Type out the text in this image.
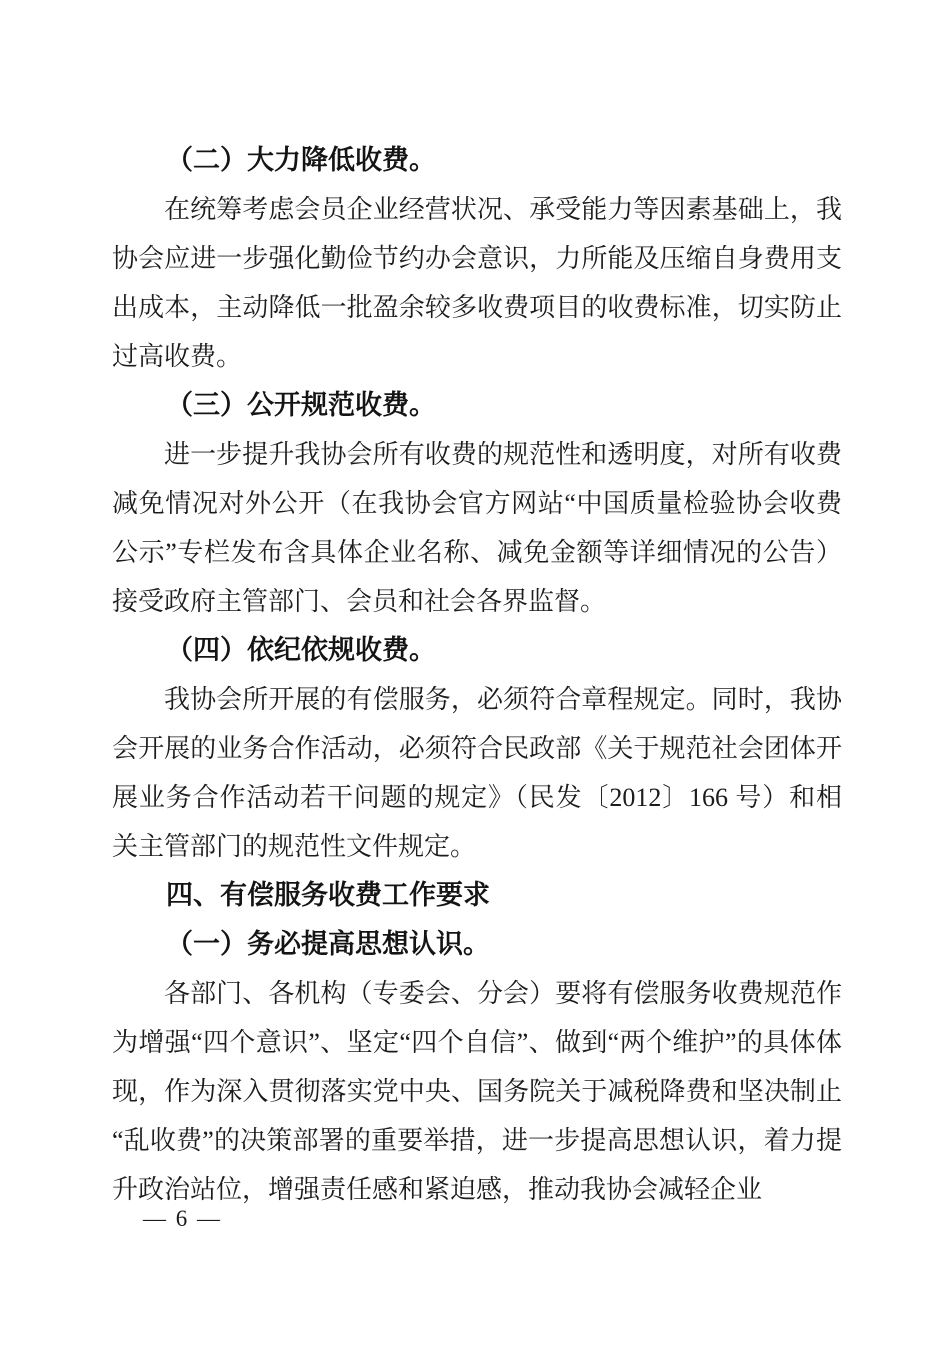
（二）大力降低收费。

在统筹考虑会员企业经营状况、承受能力等因素基础上，我协会应进一步强化勤俭节约办会意识，力所能及压缩自身费用支出成本，主动降低一批盈余较多收费项目的收费标准，切实防止过高收费。

（三）公开规范收费。

进一步提升我协会所有收费的规范性和透明度，对所有收费减免情况对外公开（在我协会官方网站“中国质量检验协会收费公示”专栏发布含具体企业名称、减免金额等详细情况的公告）接受政府主管部门、会员和社会各界监督。

（四）依纪依规收费。

我协会所开展的有偿服务，必须符合章程规定。同时，我协会开展的业务合作活动，必须符合民政部《关于规范社会团体开展业务合作活动若干问题的规定》（民发〔2012〕166 号）和相关主管部门的规范性文件规定。

四、有偿服务收费工作要求
（一）务必提高思想认识。

各部门、各机构（专委会、分会）要将有偿服务收费规范作为增强“四个意识”、坚定“四个自信”、做到“两个维护”的具体体现，作为深入贯彻落实党中央、国务院关于减税降费和坚决制止“乱收费”的决策部署的重要举措，进一步提高思想认识，着力提升政治站位，增强责任感和紧迫感，推动我协会减轻企业

— 6 —
